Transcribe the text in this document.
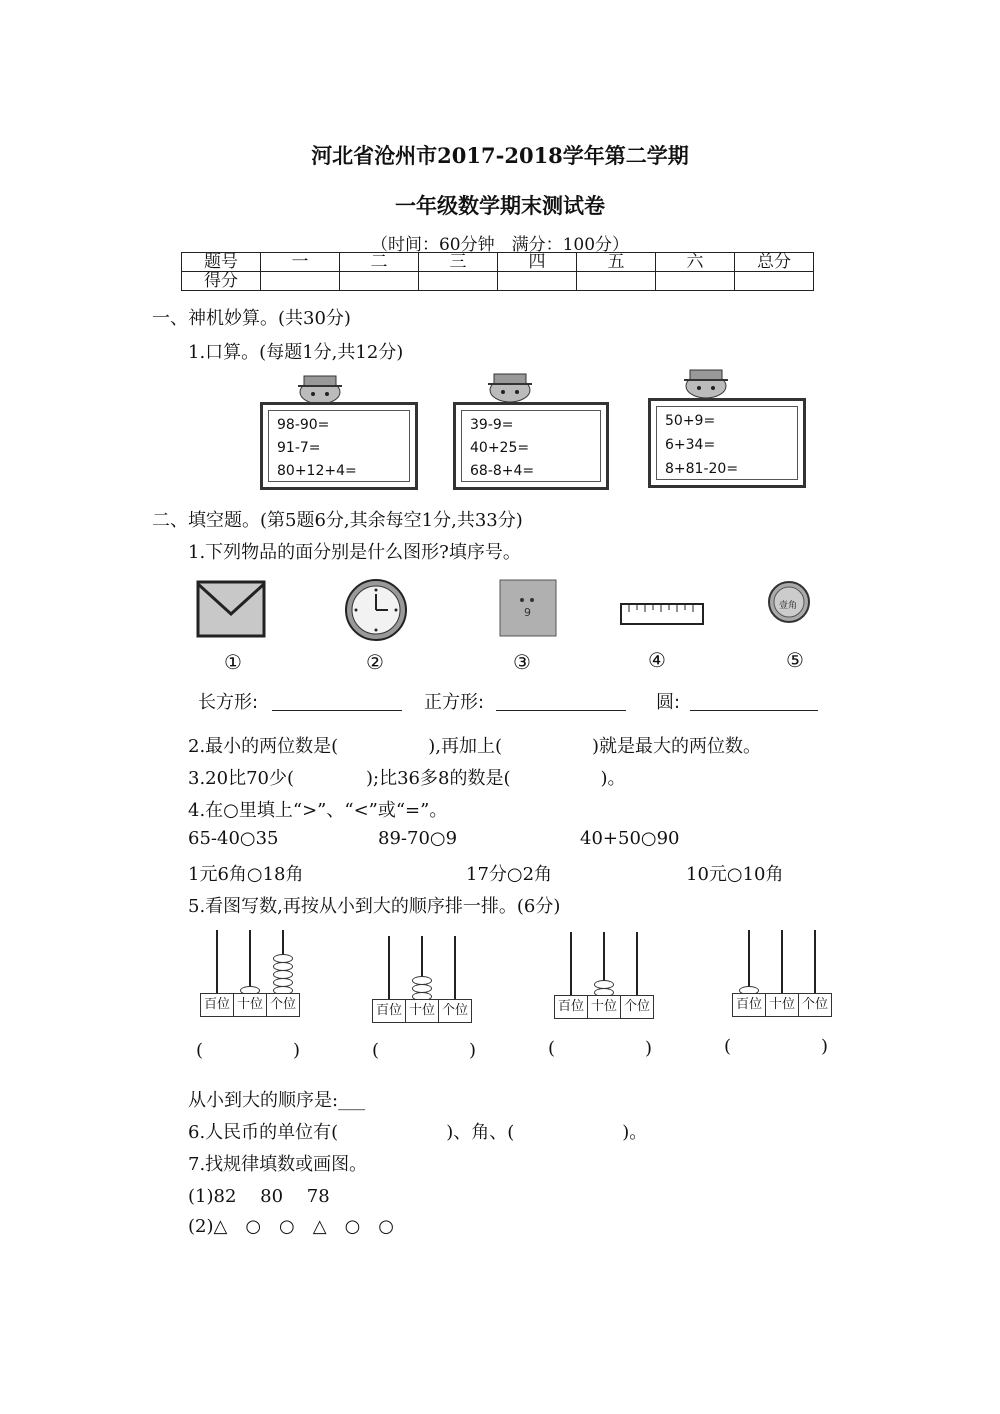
河北省沧州市2017-2018学年第二学期
一年级数学期末测试卷
（时间：60分钟　满分：100分）
题号	一	二	三	四	五	六	总分
得分							
一、神机妙算。(共30分)
1.口算。(每题1分,共12分)
98-90=
91-7=
80+12+4=
39-9=
40+25=
68-8+4=
50+9=
6+34=
8+81-20=
二、填空题。(第5题6分,其余每空1分,共33分)
1.下列物品的面分别是什么图形?填序号。
9	壹角
①	②	③	④	⑤
长方形:	正方形:	圆:
2.最小的两位数是(　　　　　),再加上(　　　　　)就是最大的两位数。
3.20比70少(　　　　);比36多8的数是(　　　　　)。
4.在○里填上“>”、“<”或“=”。
65-40○35	89-70○9	40+50○90
1元6角○18角	17分○2角	10元○10角
5.看图写数,再按从小到大的顺序排一排。(6分)
百位 十位 个位	百位 十位 个位	百位 十位 个位	百位 十位 个位
(　　　　　)	(　　　　　)	(　　　　　)	(　　　　　)
从小到大的顺序是:___
6.人民币的单位有(　　　　　　)、角、(　　　　　　)。
7.找规律填数或画图。
(1)82　 80　 78
(2)△　○　○　△　○　○
